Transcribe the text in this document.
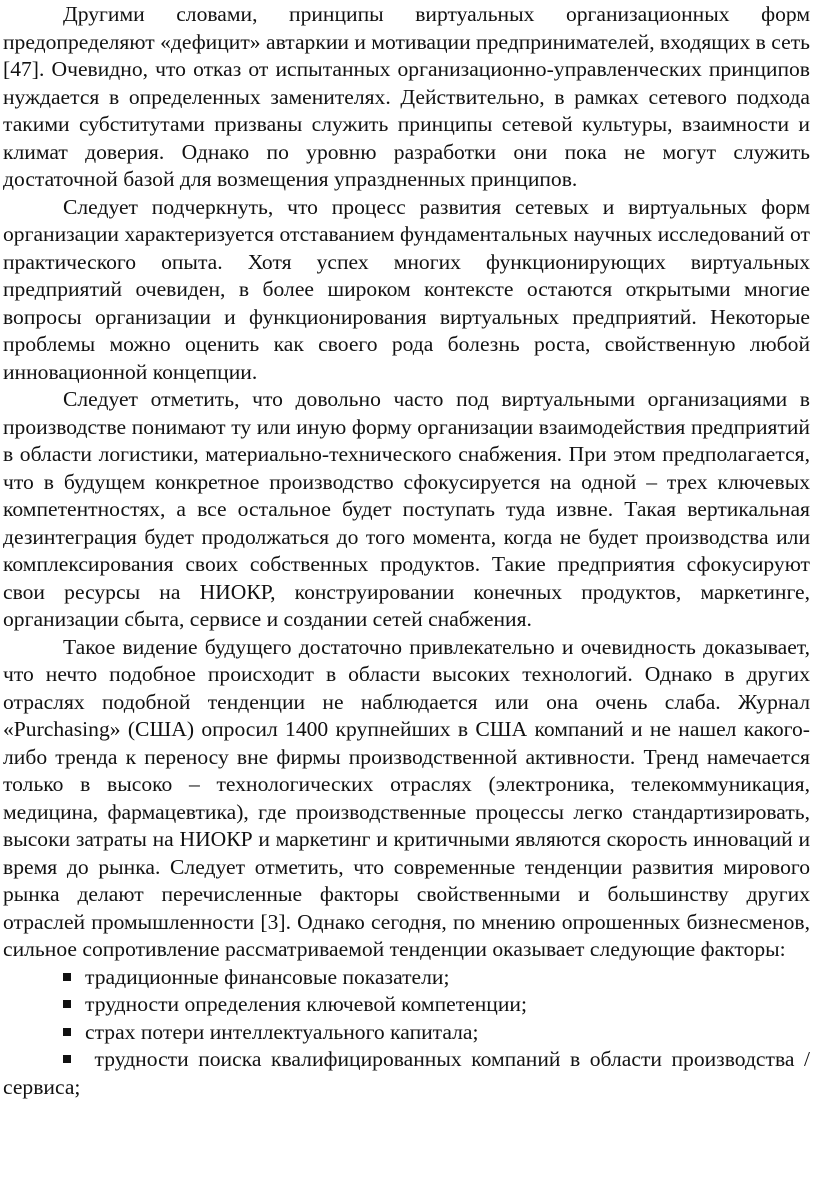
Другими словами, принципы виртуальных организационных форм предопределяют «дефицит» автаркии и мотивации предпринимателей, входящих в сеть [47]. Очевидно, что отказ от испытанных организационно-управленческих принципов нуждается в определенных заменителях. Действительно, в рамках сетевого подхода такими субститутами призваны служить принципы сетевой культуры, взаимности и климат доверия. Однако по уровню разработки они пока не могут служить достаточной базой для возмещения упраздненных принципов.

Следует подчеркнуть, что процесс развития сетевых и виртуальных форм организации характеризуется отставанием фундаментальных научных исследований от практического опыта. Хотя успех многих функционирующих виртуальных предприятий очевиден, в более широком контексте остаются открытыми многие вопросы организации и функционирования виртуальных предприятий. Некоторые проблемы можно оценить как своего рода болезнь роста, свойственную любой инновационной концепции.

Следует отметить, что довольно часто под виртуальными организациями в производстве понимают ту или иную форму организации взаимодействия предприятий в области логистики, материально-технического снабжения. При этом предполагается, что в будущем конкретное производство сфокусируется на одной – трех ключевых компетентностях, а все остальное будет поступать туда извне. Такая вертикальная дезинтеграция будет продолжаться до того момента, когда не будет производства или комплексирования своих собственных продуктов. Такие предприятия сфокусируют свои ресурсы на НИОКР, конструировании конечных продуктов, маркетинге, организации сбыта, сервисе и создании сетей снабжения.

Такое видение будущего достаточно привлекательно и очевидность доказывает, что нечто подобное происходит в области высоких технологий. Однако в других отраслях подобной тенденции не наблюдается или она очень слаба. Журнал «Purchasing» (США) опросил 1400 крупнейших в США компаний и не нашел какого-либо тренда к переносу вне фирмы производственной активности. Тренд намечается только в высоко – технологических отраслях (электроника, телекоммуникация, медицина, фармацевтика), где производственные процессы легко стандартизировать, высоки затраты на НИОКР и маркетинг и критичными являются скорость инноваций и время до рынка. Следует отметить, что современные тенденции развития мирового рынка делают перечисленные факторы свойственными и большинству других отраслей промышленности [3]. Однако сегодня, по мнению опрошенных бизнесменов, сильное сопротивление рассматриваемой тенденции оказывает следующие факторы:

традиционные финансовые показатели;
трудности определения ключевой компетенции;
страх потери интеллектуального капитала;

трудности поиска квалифицированных компаний в области производства / сервиса;
